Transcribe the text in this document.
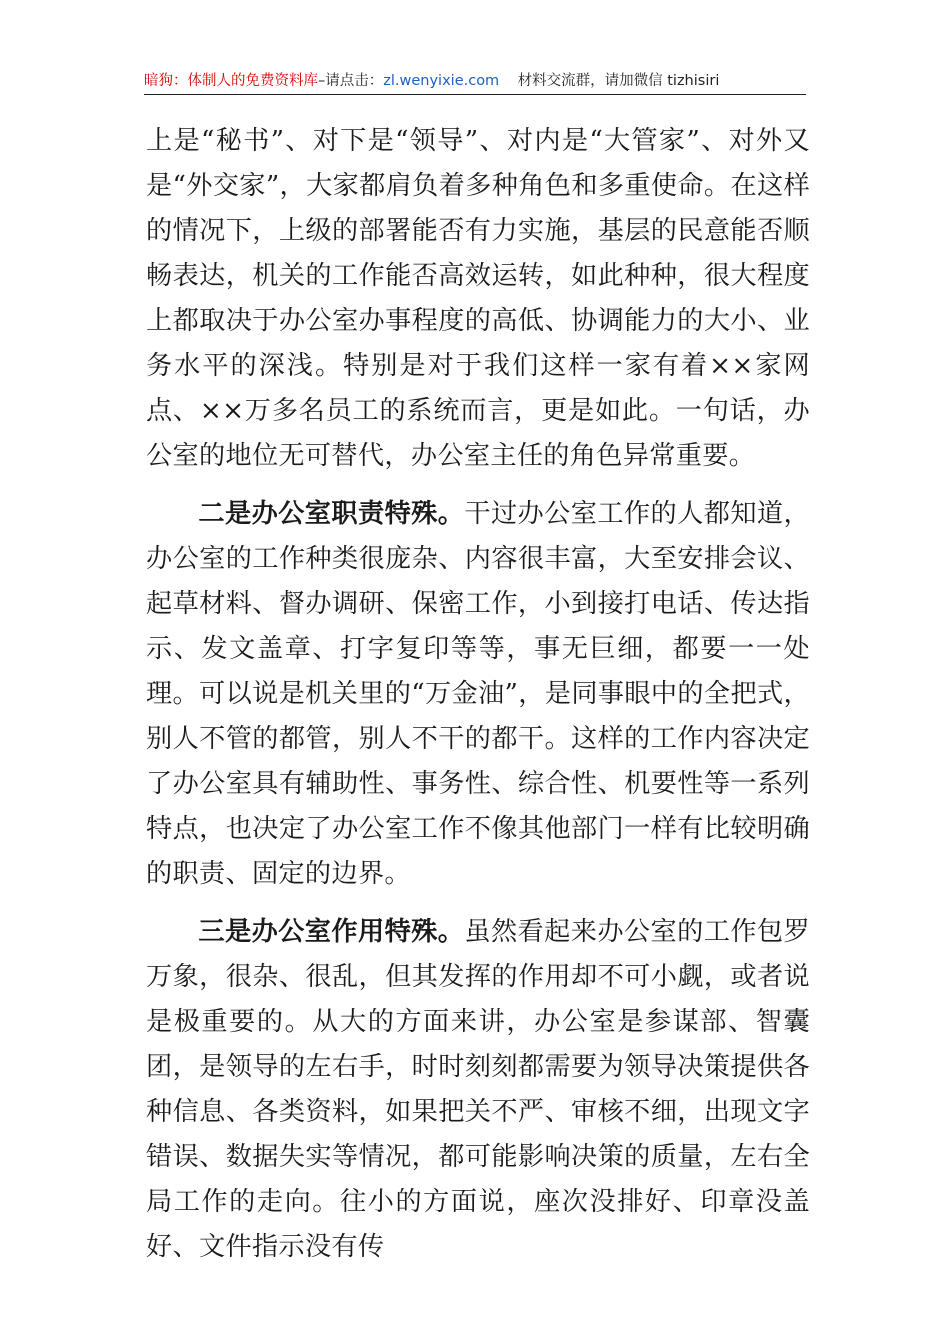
暗狗：体制人的免费资料库–请点击：zl.wenyixie.com 材料交流群，请加微信 tizhisiri

上是“秘书”、对下是“领导”、对内是“大管家”、对外又是“外交家”，大家都肩负着多种角色和多重使命。在这样的情况下，上级的部署能否有力实施，基层的民意能否顺畅表达，机关的工作能否高效运转，如此种种，很大程度上都取决于办公室办事程度的高低、协调能力的大小、业务水平的深浅。特别是对于我们这样一家有着××家网点、××万多名员工的系统而言，更是如此。一句话，办公室的地位无可替代，办公室主任的角色异常重要。

二是办公室职责特殊。干过办公室工作的人都知道，办公室的工作种类很庞杂、内容很丰富，大至安排会议、起草材料、督办调研、保密工作，小到接打电话、传达指示、发文盖章、打字复印等等，事无巨细，都要一一处理。可以说是机关里的“万金油”，是同事眼中的全把式，别人不管的都管，别人不干的都干。这样的工作内容决定了办公室具有辅助性、事务性、综合性、机要性等一系列特点，也决定了办公室工作不像其他部门一样有比较明确的职责、固定的边界。

三是办公室作用特殊。虽然看起来办公室的工作包罗万象，很杂、很乱，但其发挥的作用却不可小觑，或者说是极重要的。从大的方面来讲，办公室是参谋部、智囊团，是领导的左右手，时时刻刻都需要为领导决策提供各种信息、各类资料，如果把关不严、审核不细，出现文字错误、数据失实等情况，都可能影响决策的质量，左右全局工作的走向。往小的方面说，座次没排好、印章没盖好、文件指示没有传
